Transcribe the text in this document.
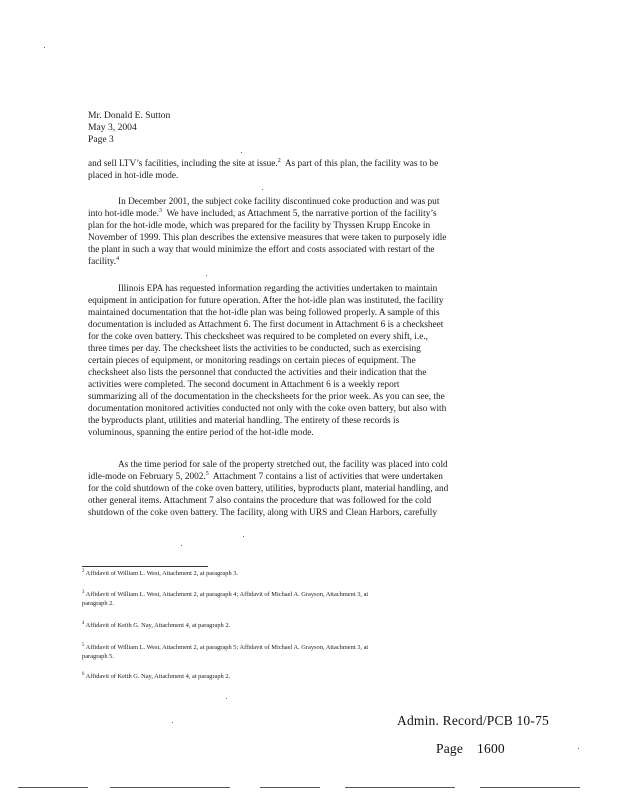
Mr. Donald E. Sutton
May 3, 2004
Page 3
and sell LTV’s facilities, including the site at issue.$^2$  As part of this plan, the facility was to be
placed in hot-idle mode.
In December 2001, the subject coke facility discontinued coke production and was put
into hot-idle mode.$^3$  We have included, as Attachment 5, the narrative portion of the facility’s
plan for the hot-idle mode, which was prepared for the facility by Thyssen Krupp Encoke in
November of 1999. This plan describes the extensive measures that were taken to purposely idle
the plant in such a way that would minimize the effort and costs associated with restart of the
facility.$^4$
Illinois EPA has requested information regarding the activities undertaken to maintain
equipment in anticipation for future operation. After the hot-idle plan was instituted, the facility
maintained documentation that the hot-idle plan was being followed properly. A sample of this
documentation is included as Attachment 6. The first document in Attachment 6 is a checksheet
for the coke oven battery. This checksheet was required to be completed on every shift, i.e.,
three times per day. The checksheet lists the activities to be conducted, such as exercising
certain pieces of equipment, or monitoring readings on certain pieces of equipment. The
checksheet also lists the personnel that conducted the activities and their indication that the
activities were completed. The second document in Attachment 6 is a weekly report
summarizing all of the documentation in the checksheets for the prior week. As you can see, the
documentation monitored activities conducted not only with the coke oven battery, but also with
the byproducts plant, utilities and material handling. The entirety of these records is
voluminous, spanning the entire period of the hot-idle mode.
As the time period for sale of the property stretched out, the facility was placed into cold
idle-mode on February 5, 2002.$^5$  Attachment 7 contains a list of activities that were undertaken
for the cold shutdown of the coke oven battery, utilities, byproducts plant, material handling, and
other general items. Attachment 7 also contains the procedure that was followed for the cold
shutdown of the coke oven battery. The facility, along with URS and Clean Harbors, carefully
$^2$ Affidavit of William L. West, Attachment 2, at paragraph 3.
$^3$ Affidavit of William L. West, Attachment 2, at paragraph 4; Affidavit of Michael A. Grayson, Attachment 3, at
paragraph 2.
$^4$ Affidavit of Keith G. Nay, Attachment 4, at paragraph 2.
$^5$ Affidavit of William L. West, Attachment 2, at paragraph 5; Affidavit of Michael A. Grayson, Attachment 3, at
paragraph 5.
$^6$ Affidavit of Keith G. Nay, Attachment 4, at paragraph 2.
Admin. Record/PCB 10-75
Page 1600
